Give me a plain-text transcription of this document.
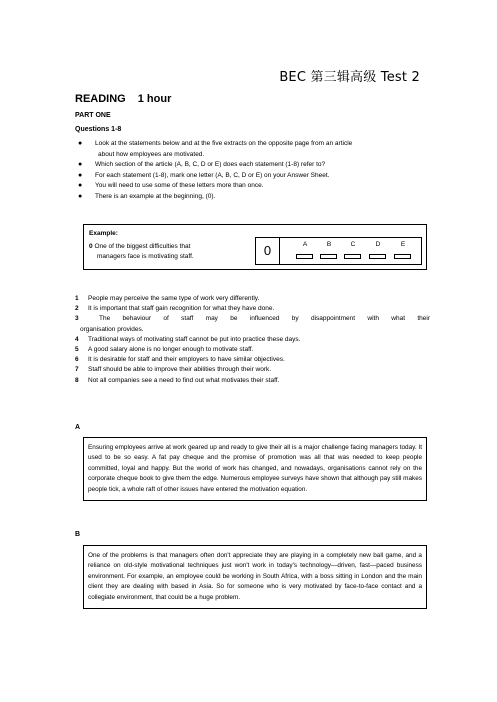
BEC 第三辑高级 Test 2
READING 1 hour
PART ONE
Questions 1-8
● Look at the statements below and at the five extracts on the opposite page from an article
about how employees are motivated.
● Which section of the article (A, B, C, D or E) does each statement (1-8) refer to?
● For each statement (1-8), mark one letter (A, B, C, D or E) on your Answer Sheet.
● You will need to use some of these letters more than once.
● There is an example at the beginning, (0).
Example:
0 One of the biggest difficulties that
managers face is motivating staff.	0	A	B	C	D	E
1 People may perceive the same type of work very differently.
2 It is important that staff gain recognition for what they have done.
3	The behaviour of staff may be influenced by disappointment with what their
organisation provides.
4 Traditional ways of motivating staff cannot be put into practice these days.
5 A good salary alone is no longer enough to motivate staff.
6 It is desirable for staff and their employers to have similar objectives.
7 Staff should be able to improve their abilities through their work.
8 Not all companies see a need to find out what motivates their staff.
A
Ensuring employees arrive at work geared up and ready to give their all is a major challenge facing managers today. It used to be so easy. A fat pay cheque and the promise of promotion was all that was needed to keep people committed, loyal and happy. But the world of work has changed, and nowadays, organisations cannot rely on the corporate cheque book to give them the edge. Numerous employee surveys have shown that although pay still makes people tick, a whole raft of other issues have entered the motivation equation.
B
One of the problems is that managers often don't appreciate they are playing in a completely new ball game, and a reliance on old-style motivational techniques just won't work in today's technology—driven, fast—paced business environment. For example, an employee could be working in South Africa, with a boss sitting in London and the main client they are dealing with based in Asia. So for someone who is very motivated by face-to-face contact and a collegiate environment, that could be a huge problem.
